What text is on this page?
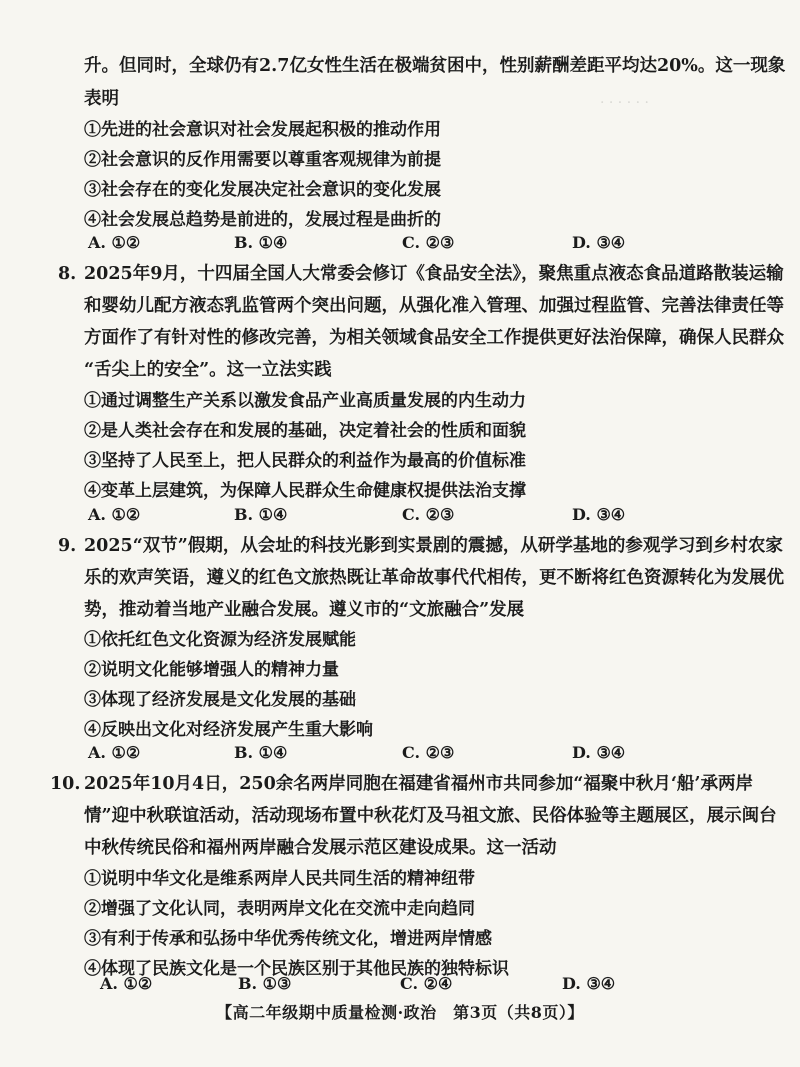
· · · · · ·
升。但同时，全球仍有2.7亿女性生活在极端贫困中，性别薪酬差距平均达20%。这一现象
表明
①先进的社会意识对社会发展起积极的推动作用
②社会意识的反作用需要以尊重客观规律为前提
③社会存在的变化发展决定社会意识的变化发展
④社会发展总趋势是前进的，发展过程是曲折的
A. ①②	B. ①④	C. ②③	D. ③④
8. 2025年9月，十四届全国人大常委会修订《食品安全法》，聚焦重点液态食品道路散装运输
和婴幼儿配方液态乳监管两个突出问题，从强化准入管理、加强过程监管、完善法律责任等
方面作了有针对性的修改完善，为相关领域食品安全工作提供更好法治保障，确保人民群众
“舌尖上的安全”。这一立法实践
①通过调整生产关系以激发食品产业高质量发展的内生动力
②是人类社会存在和发展的基础，决定着社会的性质和面貌
③坚持了人民至上，把人民群众的利益作为最高的价值标准
④变革上层建筑，为保障人民群众生命健康权提供法治支撑
A. ①②	B. ①④	C. ②③	D. ③④
9. 2025“双节”假期，从会址的科技光影到实景剧的震撼，从研学基地的参观学习到乡村农家
乐的欢声笑语，遵义的红色文旅热既让革命故事代代相传，更不断将红色资源转化为发展优
势，推动着当地产业融合发展。遵义市的“文旅融合”发展
①依托红色文化资源为经济发展赋能
②说明文化能够增强人的精神力量
③体现了经济发展是文化发展的基础
④反映出文化对经济发展产生重大影响
A. ①②	B. ①④	C. ②③	D. ③④
10. 2025年10月4日，250余名两岸同胞在福建省福州市共同参加“福聚中秋月‘船’承两岸
情”迎中秋联谊活动，活动现场布置中秋花灯及马祖文旅、民俗体验等主题展区，展示闽台
中秋传统民俗和福州两岸融合发展示范区建设成果。这一活动
①说明中华文化是维系两岸人民共同生活的精神纽带
②增强了文化认同，表明两岸文化在交流中走向趋同
③有利于传承和弘扬中华优秀传统文化，增进两岸情感
④体现了民族文化是一个民族区别于其他民族的独特标识
A. ①②	B. ①③	C. ②④	D. ③④
【高二年级期中质量检测·政治　第3页（共8页）】
